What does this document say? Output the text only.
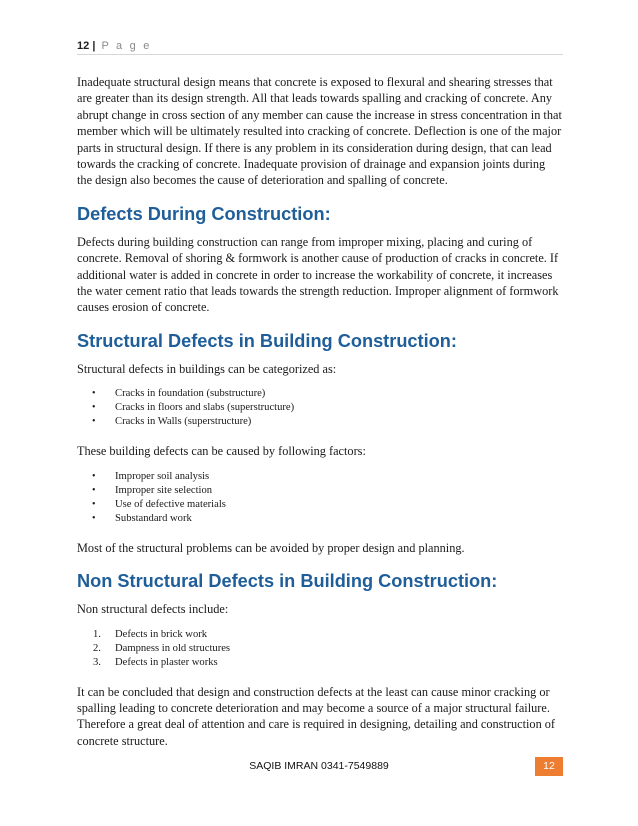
12 | P a g e

Inadequate structural design means that concrete is exposed to flexural and shearing stresses that are greater than its design strength. All that leads towards spalling and cracking of concrete. Any abrupt change in cross section of any member can cause the increase in stress concentration in that member which will be ultimately resulted into cracking of concrete. Deflection is one of the major parts in structural design. If there is any problem in its consideration during design, that can lead towards the cracking of concrete. Inadequate provision of drainage and expansion joints during the design also becomes the cause of deterioration and spalling of concrete.

Defects During Construction:

Defects during building construction can range from improper mixing, placing and curing of concrete. Removal of shoring & formwork is another cause of production of cracks in concrete. If additional water is added in concrete in order to increase the workability of concrete, it increases the water cement ratio that leads towards the strength reduction. Improper alignment of formwork causes erosion of concrete.

Structural Defects in Building Construction:

Structural defects in buildings can be categorized as:

• Cracks in foundation (substructure)
• Cracks in floors and slabs (superstructure)
• Cracks in Walls (superstructure)

These building defects can be caused by following factors:

• Improper soil analysis
• Improper site selection
• Use of defective materials
• Substandard work

Most of the structural problems can be avoided by proper design and planning.

Non Structural Defects in Building Construction:

Non structural defects include:

1. Defects in brick work
2. Dampness in old structures
3. Defects in plaster works

It can be concluded that design and construction defects at the least can cause minor cracking or spalling leading to concrete deterioration and may become a source of a major structural failure. Therefore a great deal of attention and care is required in designing, detailing and construction of concrete structure.

SAQIB IMRAN 0341-7549889	12
